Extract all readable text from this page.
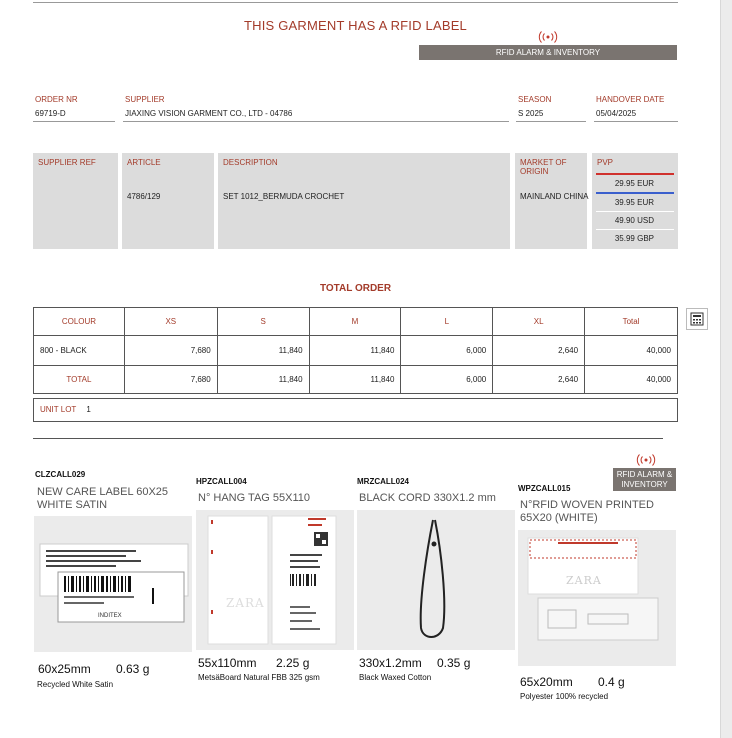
THIS GARMENT HAS A RFID LABEL
RFID ALARM & INVENTORY
ORDER NR
69719-D
SUPPLIER
JIAXING VISION GARMENT CO., LTD - 04786
SEASON
S 2025
HANDOVER DATE
05/04/2025
SUPPLIER REF	ARTICLE
4786/129
DESCRIPTION
SET 1012_BERMUDA CROCHET
MARKET OF ORIGIN
MAINLAND CHINA
PVP
29.95 EUR
39.95 EUR
49.90 USD
35.99 GBP
TOTAL ORDER
COLOUR	XS	S	M	L	XL	Total
800 - BLACK	7,680	11,840	11,840	6,000	2,640	40,000
TOTAL	7,680	11,840	11,840	6,000	2,640	40,000
UNIT LOT 1
CLZCALL029
NEW CARE LABEL 60X25 WHITE SATIN
INDITEX
60x25mm 0.63 g
Recycled White Satin
HPZCALL004
N° HANG TAG 55X110
ZARA
55x110mm 2.25 g
MetsäBoard Natural FBB 325 gsm
MRZCALL024
BLACK CORD 330X1.2 mm
330x1.2mm 0.35 g
Black Waxed Cotton
RFID ALARM & INVENTORY
WPZCALL015
N°RFID WOVEN PRINTED 65X20 (WHITE)
ZARA
65x20mm 0.4 g
Polyester 100% recycled
